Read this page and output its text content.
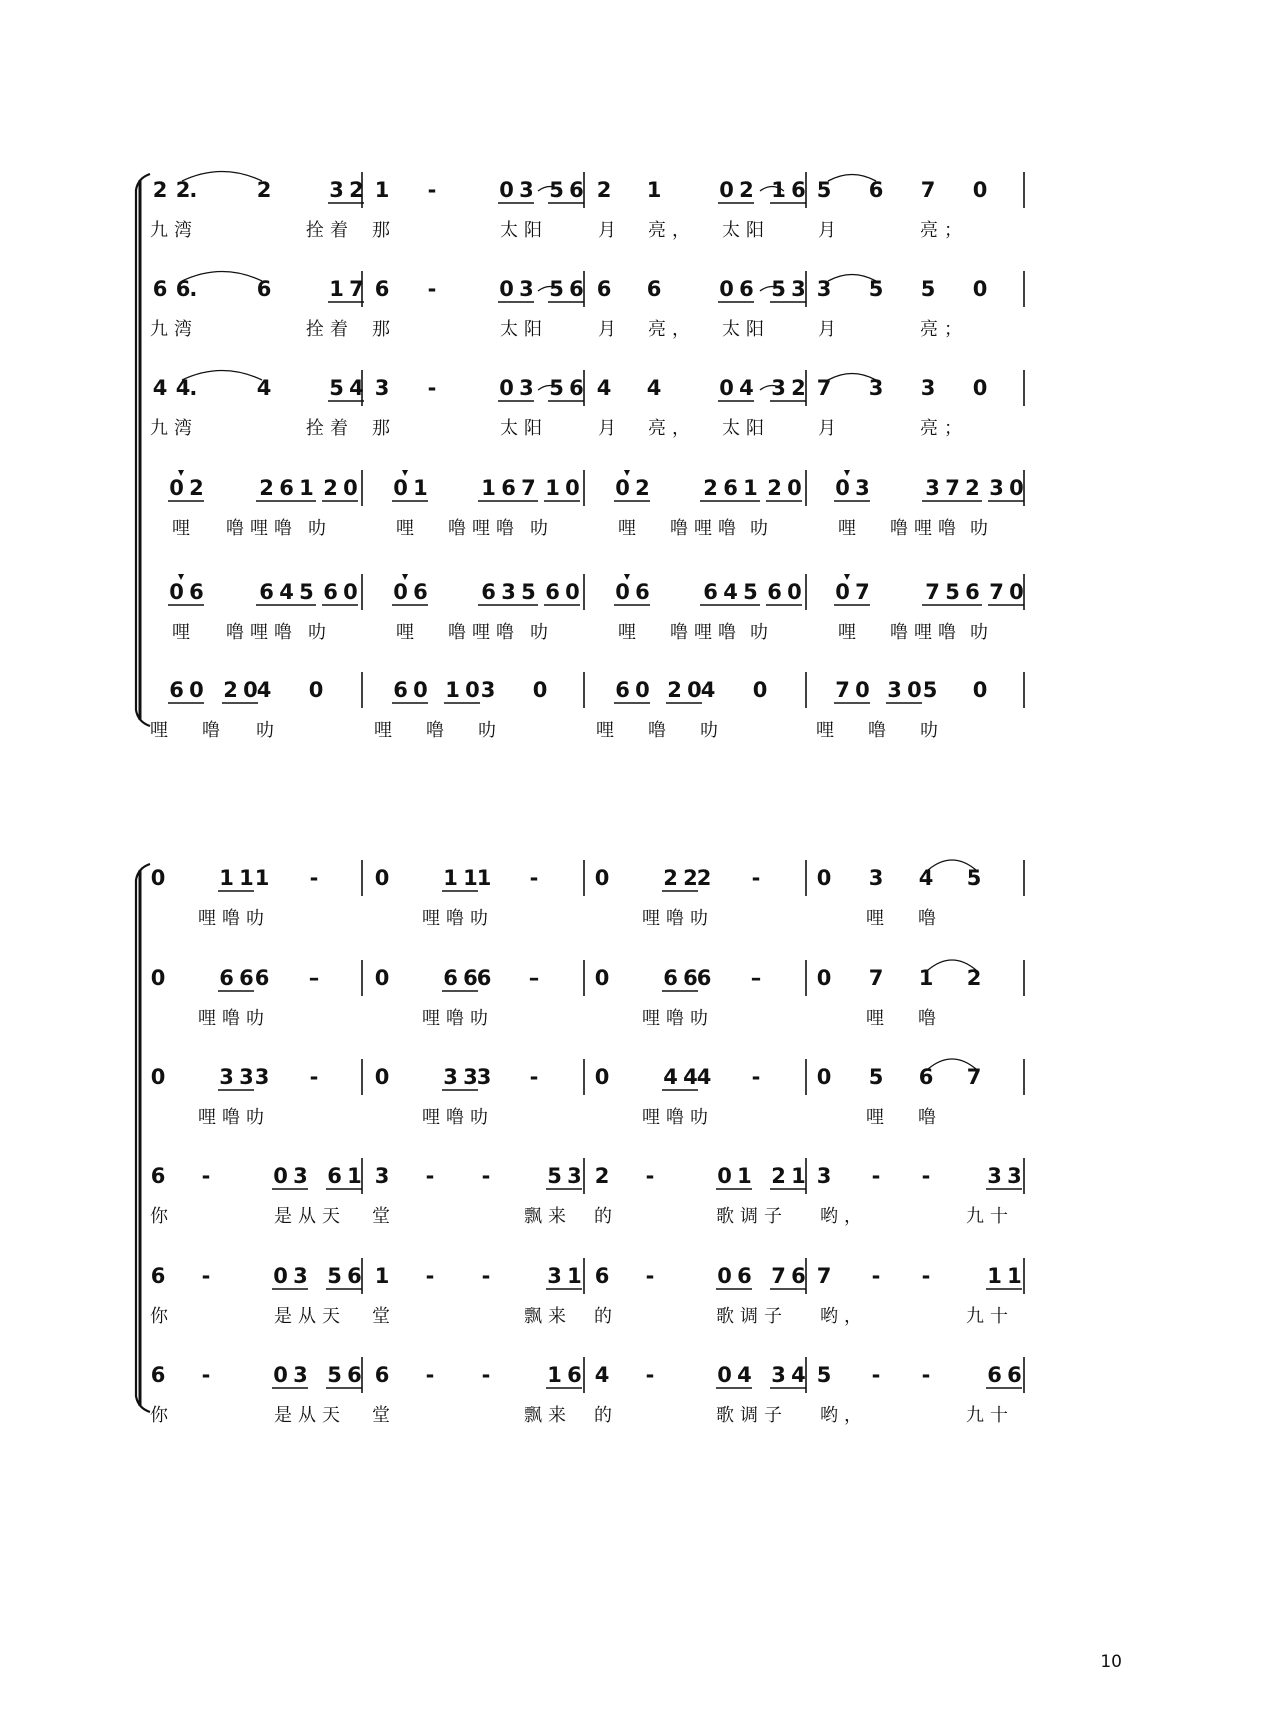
2 2.	2	3 2 1 -	0 3 5 6 2 1	0 2 1 6 5 6 7 0
九湾	拴着 那	太阳	月 亮， 太阳	月	亮；
6 6.	6	1 7 6 -	0 3 5 6 6 6	0 6 5 3 3 5 5 0
九湾	拴着 那	太阳	月 亮， 太阳	月	亮；
4 4.	4	5 4 3 -	0 3 5 6 4 4	0 4 3 2 7 3 3 0
九湾	拴着 那	太阳	月 亮， 太阳	月	亮；
0 2	2 6 1 2 0 0 1	1 6 7 1 0 0 2	2 6 1 2 0 0 3	3 7 2 3 0
哩 噜哩噜 叻	哩 噜哩噜 叻	哩 噜哩噜 叻	哩 噜哩噜 叻
0 6	6 4 5 6 0 0 6	6 3 5 6 0 0 6	6 4 5 6 0 0 7	7 5 6 7 0
哩 噜哩噜 叻	哩 噜哩噜 叻	哩 噜哩噜 叻	哩 噜哩噜 叻
6 0 2 0 4 0	6 0 1 0 3 0	6 0 2 0 4 0	7 0 3 0 5 0
哩 噜 叻	哩 噜 叻	哩 噜 叻	哩 噜 叻
0	1 1 1 -	0	1 1 1 -	0	2 2 2 -	0 3 4 5
哩噜叻	哩噜叻	哩噜叻	哩 噜
0	6 6 6 –	0	6 6 6 –	0	6 6 6 –	0 7 1 2
哩噜叻	哩噜叻	哩噜叻	哩 噜
0	3 3 3 -	0	3 3 3 -	0	4 4 4 -	0 5 6 7
哩噜叻	哩噜叻	哩噜叻	哩 噜
6 -	0 3 6 1 3 - -	5 3 2 -	0 1 2 1 3 - -	3 3
你	是从天 堂	飘来 的	歌调子 哟，	九十
6 -	0 3 5 6 1 - -	3 1 6 -	0 6 7 6 7 - -	1 1
你	是从天 堂	飘来 的	歌调子 哟，	九十
6 -	0 3 5 6 6 - -	1 6 4 -	0 4 3 4 5 - -	6 6
你	是从天 堂	飘来 的	歌调子 哟，	九十
10
